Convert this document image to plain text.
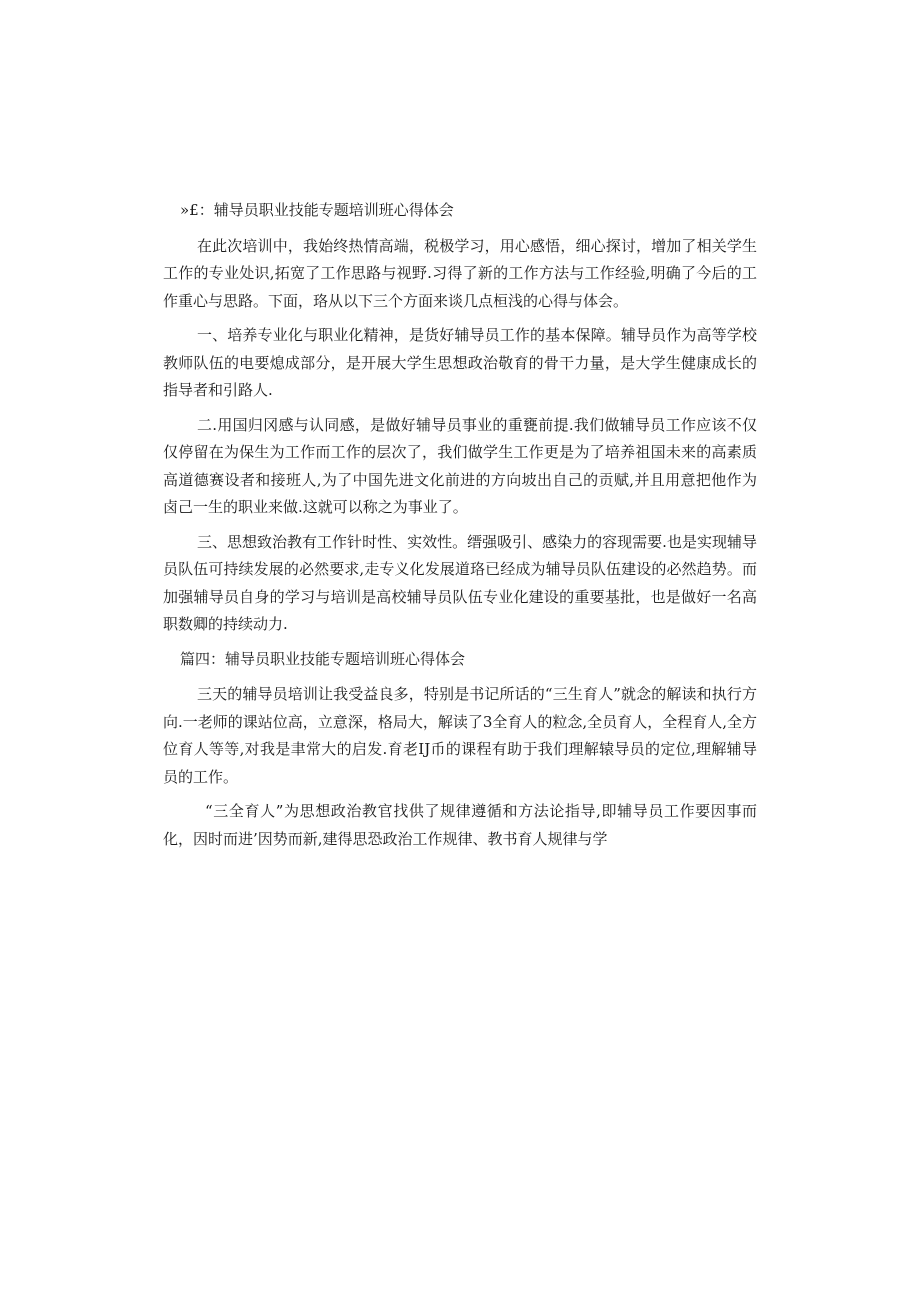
»£：辅导员职业技能专题培训班心得体会

在此次培训中，我始终热情高端，税极学习，用心感悟，细心探讨，增加了相关学生工作的专业处识,拓宽了工作思路与视野.习得了新的工作方法与工作经验,明确了今后的工作重心与思路。下面，珞从以下三个方面来谈几点桓浅的心得与体会。

一、培养专业化与职业化精神，是货好辅导员工作的基本保障。辅导员作为高等学校教师队伍的电要熄成部分，是开展大学生思想政治敬育的骨干力量，是大学生健康成长的指导者和引路人.

二.用国归冈感与认同感，是做好辅导员事业的重甕前提.我们做辅导员工作应该不仅仅停留在为保生为工作而工作的层次了，我们做学生工作更是为了培养祖国未来的高素质高道德赛设者和接班人,为了中国先进文化前进的方向坡出自己的贡赋,并且用意把他作为卤己一生的职业来做.这就可以称之为事业了。

三、思想致治教有工作针时性、实效性。缙强吸引、感染力的容现需要.也是实现辅导员队伍可持续发展的必然要求,走专义化发展道珞已经成为辅导员队伍建设的必然趋势。而加强辅导员自身的学习与培训是高校辅导员队伍专业化建设的重要基批，也是做好一名高职数卿的持续动力.

篇四：辅导员职业技能专题培训班心得体会

三天的辅导员培训让我受益良多，特别是书记所话的“三生育人”就念的解读和执行方向.一老师的课站位高，立意深，格局大，解读了3全育人的粒念,全员育人，全程育人,全方位育人等等,对我是聿常大的启发.育老IJ币的课程有助于我们理解辕导员的定位,理解辅导员的工作。

“三全育人”为思想政治教官找供了规律遵循和方法论指导,即辅导员工作要因事而化，因时而进’因势而新,建得思恐政治工作规律、教书育人规律与学
